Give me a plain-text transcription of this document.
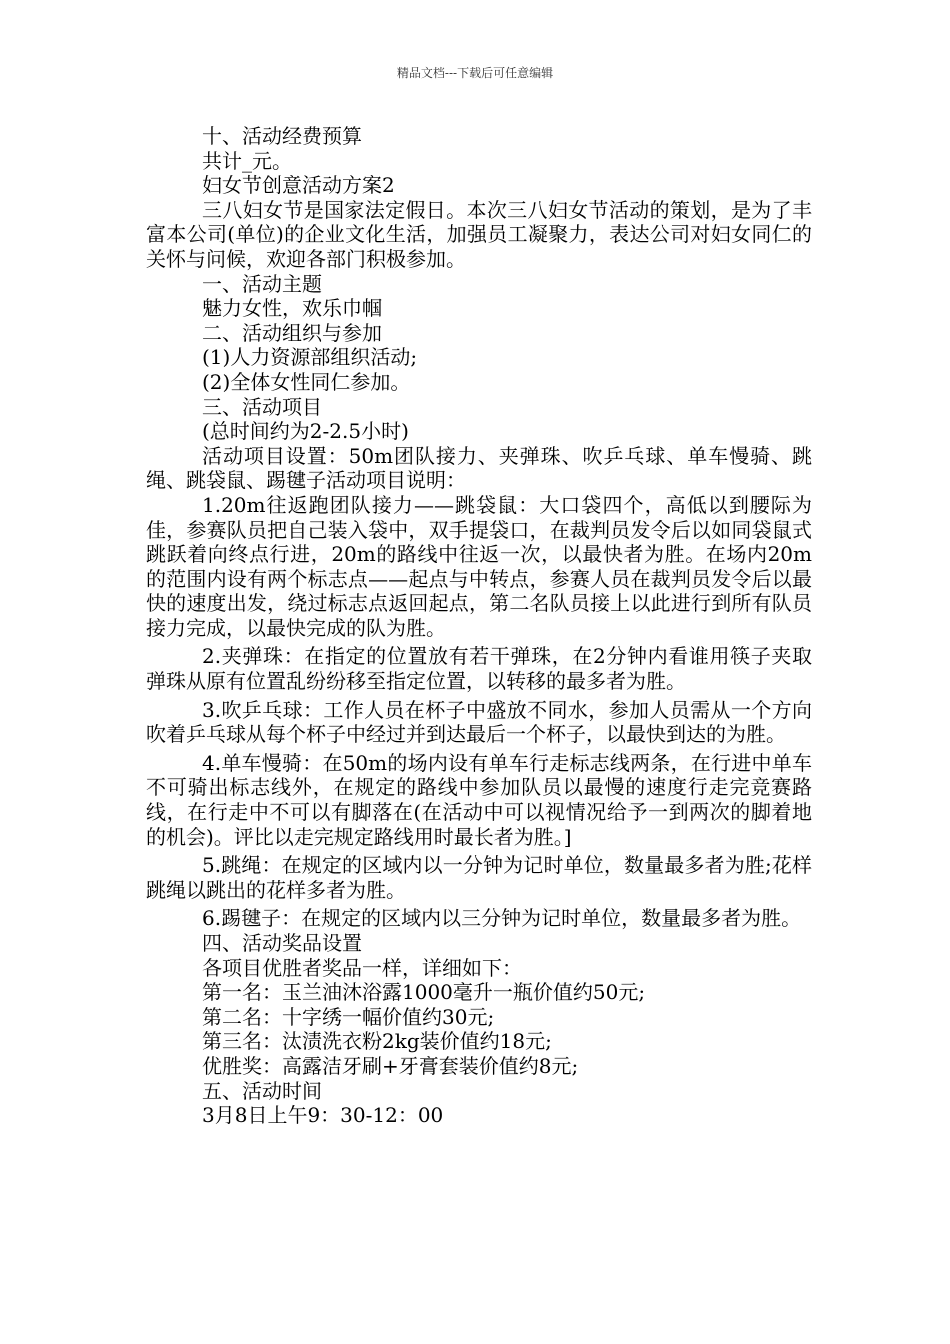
精品文档---下载后可任意编辑

十、活动经费预算

共计_元。

妇女节创意活动方案2

三八妇女节是国家法定假日。本次三八妇女节活动的策划，是为了丰富本公司(单位)的企业文化生活，加强员工凝聚力，表达公司对妇女同仁的关怀与问候，欢迎各部门积极参加。

一、活动主题

魅力女性，欢乐巾帼

二、活动组织与参加

(1)人力资源部组织活动;

(2)全体女性同仁参加。

三、活动项目

(总时间约为2-2.5小时)

活动项目设置：50m团队接力、夹弹珠、吹乒乓球、单车慢骑、跳绳、跳袋鼠、踢毽子活动项目说明：

1.20m往返跑团队接力——跳袋鼠：大口袋四个，高低以到腰际为佳，参赛队员把自己装入袋中，双手提袋口，在裁判员发令后以如同袋鼠式跳跃着向终点行进，20m的路线中往返一次，以最快者为胜。在场内20m的范围内设有两个标志点——起点与中转点，参赛人员在裁判员发令后以最快的速度出发，绕过标志点返回起点，第二名队员接上以此进行到所有队员接力完成，以最快完成的队为胜。

2.夹弹珠：在指定的位置放有若干弹珠，在2分钟内看谁用筷子夹取弹珠从原有位置乱纷纷移至指定位置，以转移的最多者为胜。

3.吹乒乓球：工作人员在杯子中盛放不同水，参加人员需从一个方向吹着乒乓球从每个杯子中经过并到达最后一个杯子，以最快到达的为胜。

4.单车慢骑：在50m的场内设有单车行走标志线两条，在行进中单车不可骑出标志线外，在规定的路线中参加队员以最慢的速度行走完竞赛路线，在行走中不可以有脚落在(在活动中可以视情况给予一到两次的脚着地的机会)。评比以走完规定路线用时最长者为胜。]

5.跳绳：在规定的区域内以一分钟为记时单位，数量最多者为胜;花样跳绳以跳出的花样多者为胜。

6.踢毽子：在规定的区域内以三分钟为记时单位，数量最多者为胜。

四、活动奖品设置

各项目优胜者奖品一样，详细如下：

第一名：玉兰油沐浴露1000毫升一瓶价值约50元;

第二名：十字绣一幅价值约30元;

第三名：汰渍洗衣粉2kg装价值约18元;

优胜奖：高露洁牙刷+牙膏套装价值约8元;

五、活动时间

3月8日上午9：30-12：00
